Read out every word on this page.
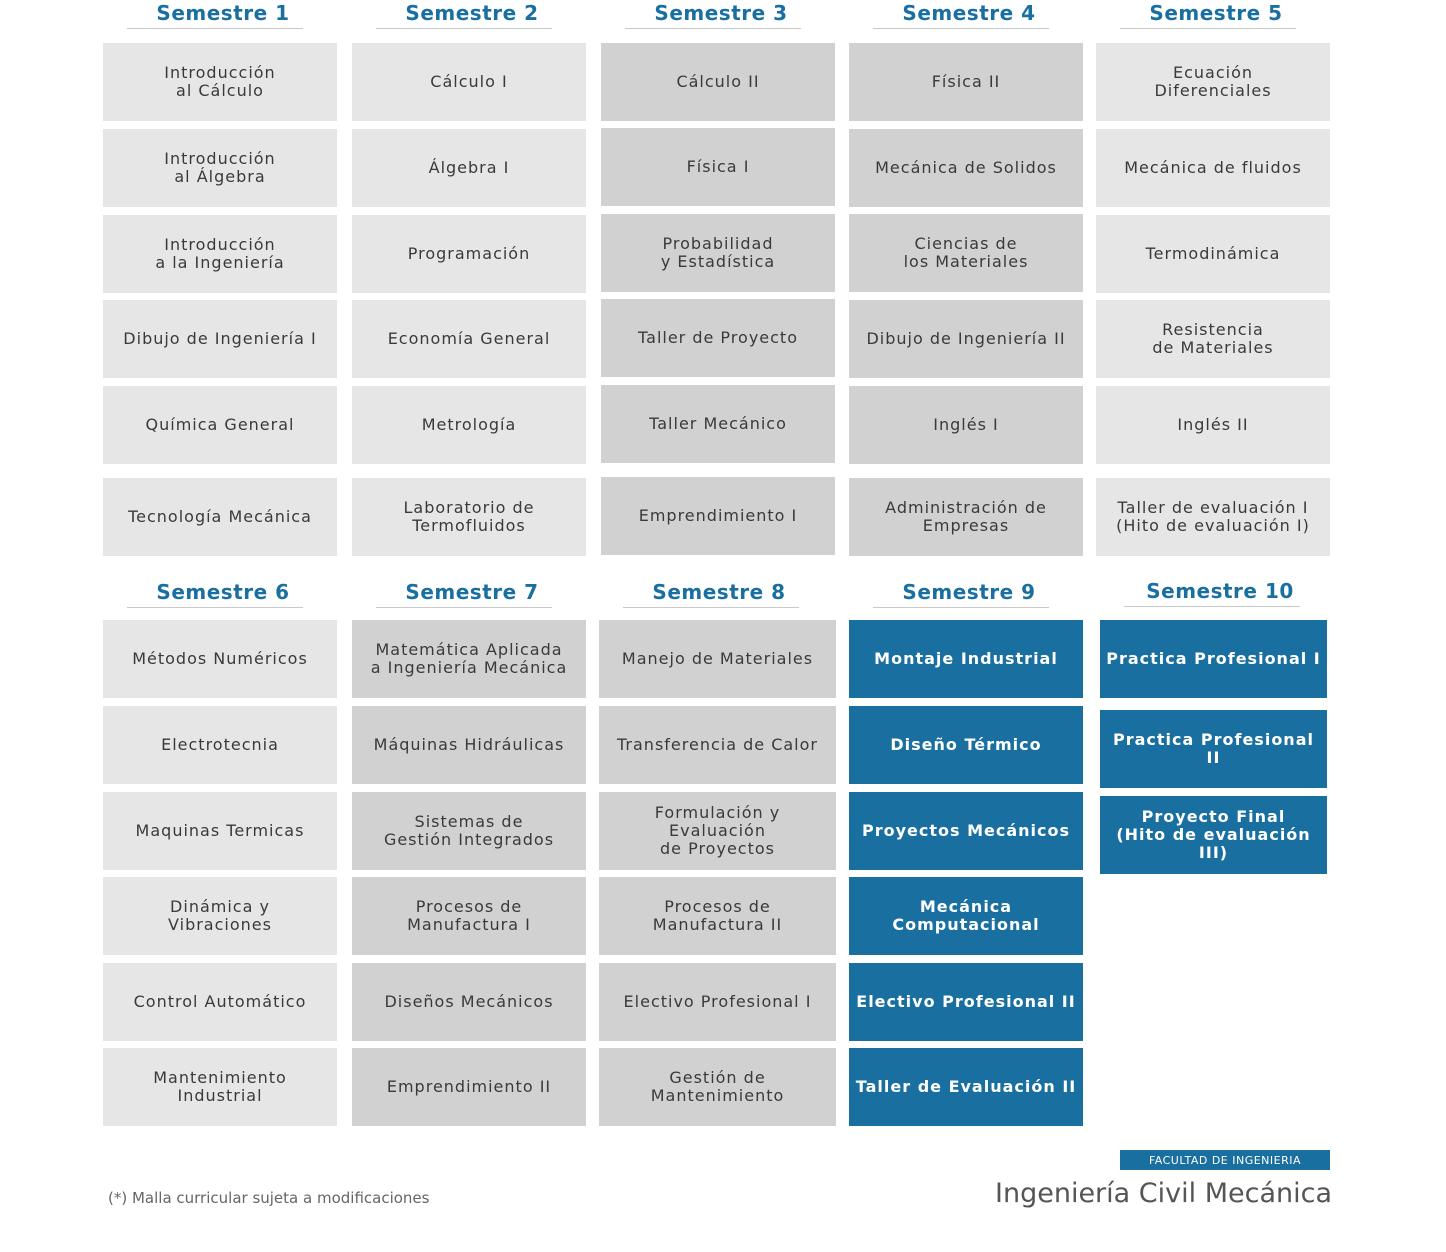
Semestre 1
Introducción
al Cálculo
Introducción
al Álgebra
Introducción
a la Ingeniería
Dibujo de Ingeniería I
Química General
Tecnología Mecánica
Semestre 2
Cálculo I
Álgebra I
Programación
Economía General
Metrología
Laboratorio de
Termofluidos
Semestre 3
Cálculo II
Física I
Probabilidad
y Estadística
Taller de Proyecto
Taller Mecánico
Emprendimiento I
Semestre 4
Física II
Mecánica de Solidos
Ciencias de
los Materiales
Dibujo de Ingeniería II
Inglés I
Administración de
Empresas
Semestre 5
Ecuación
Diferenciales
Mecánica de fluidos
Termodinámica
Resistencia
de Materiales
Inglés II
Taller de evaluación I
(Hito de evaluación I)
Semestre 6
Métodos Numéricos
Electrotecnia
Maquinas Termicas
Dinámica y
Vibraciones
Control Automático
Mantenimiento
Industrial
Semestre 7
Matemática Aplicada
a Ingeniería Mecánica
Máquinas Hidráulicas
Sistemas de
Gestión Integrados
Procesos de
Manufactura I
Diseños Mecánicos
Emprendimiento II
Semestre 8
Manejo de Materiales
Transferencia de Calor
Formulación y
Evaluación
de Proyectos
Procesos de
Manufactura II
Electivo Profesional I
Gestión de
Mantenimiento
Semestre 9
Montaje Industrial
Diseño Térmico
Proyectos Mecánicos
Mecánica
Computacional
Electivo Profesional II
Taller de Evaluación II
Semestre 10
Practica Profesional I
Practica Profesional II
Proyecto Final
(Hito de evaluación III)
(*) Malla curricular sujeta a modificaciones
FACULTAD DE INGENIERIA
Ingeniería Civil Mecánica
